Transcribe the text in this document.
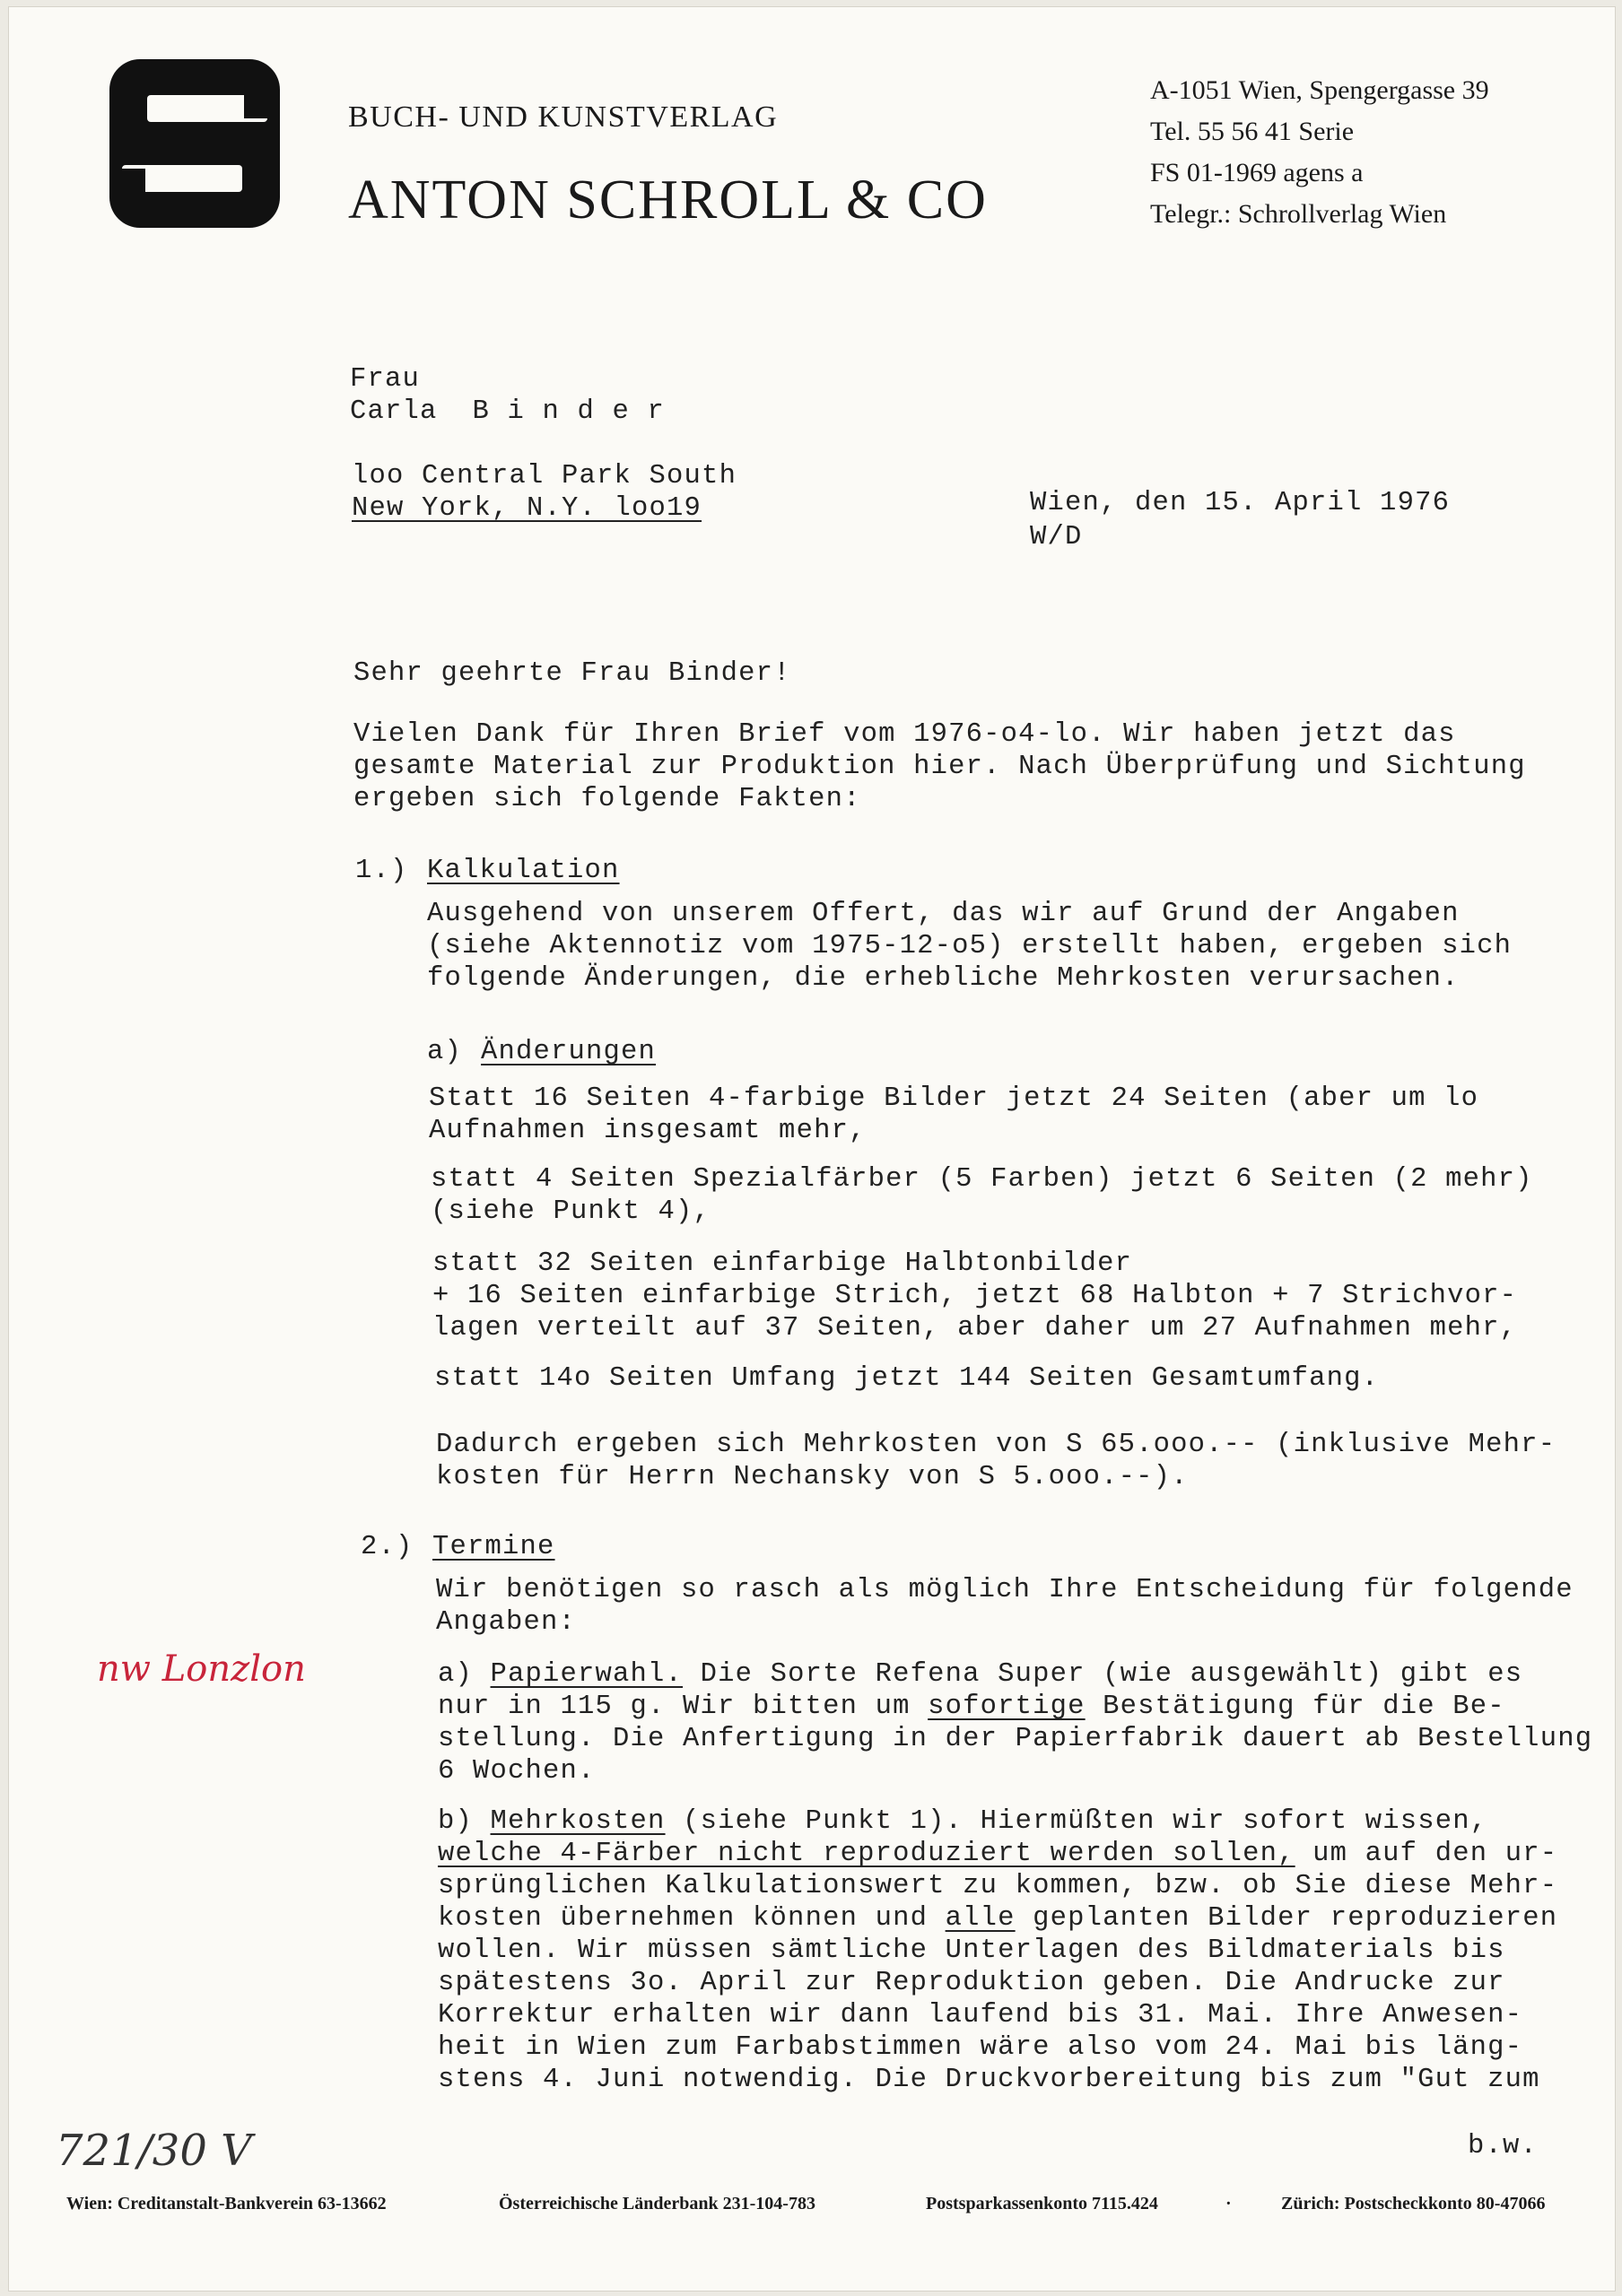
BUCH- UND KUNSTVERLAG
ANTON SCHROLL & CO
A-1051 Wien, Spengergasse 39
Tel. 55 56 41 Serie
FS 01-1969 agens a
Telegr.: Schrollverlag Wien
Frau
Carla  B i n d e r
loo Central Park South
New York, N.Y. loo19	Wien, den 15. April 1976
W/D
Sehr geehrte Frau Binder!
Vielen Dank für Ihren Brief vom 1976-o4-lo. Wir haben jetzt das
gesamte Material zur Produktion hier. Nach Überprüfung und Sichtung
ergeben sich folgende Fakten:
1.) Kalkulation
Ausgehend von unserem Offert, das wir auf Grund der Angaben
(siehe Aktennotiz vom 1975-12-o5) erstellt haben, ergeben sich
folgende Änderungen, die erhebliche Mehrkosten verursachen.
a) Änderungen
Statt 16 Seiten 4-farbige Bilder jetzt 24 Seiten (aber um lo
Aufnahmen insgesamt mehr,
statt 4 Seiten Spezialfärber (5 Farben) jetzt 6 Seiten (2 mehr)
(siehe Punkt 4),
statt 32 Seiten einfarbige Halbtonbilder
+ 16 Seiten einfarbige Strich, jetzt 68 Halbton + 7 Strichvor-
lagen verteilt auf 37 Seiten, aber daher um 27 Aufnahmen mehr,
statt 14o Seiten Umfang jetzt 144 Seiten Gesamtumfang.
Dadurch ergeben sich Mehrkosten von S 65.ooo.-- (inklusive Mehr-
kosten für Herrn Nechansky von S 5.ooo.--).
2.) Termine
Wir benötigen so rasch als möglich Ihre Entscheidung für folgende
Angaben:
a) Papierwahl. Die Sorte Refena Super (wie ausgewählt) gibt es
nur in 115 g. Wir bitten um sofortige Bestätigung für die Be-
stellung. Die Anfertigung in der Papierfabrik dauert ab Bestellung
6 Wochen.
b) Mehrkosten (siehe Punkt 1). Hiermüßten wir sofort wissen,
welche 4-Färber nicht reproduziert werden sollen, um auf den ur-
sprünglichen Kalkulationswert zu kommen, bzw. ob Sie diese Mehr-
kosten übernehmen können und alle geplanten Bilder reproduzieren
wollen. Wir müssen sämtliche Unterlagen des Bildmaterials bis
spätestens 3o. April zur Reproduktion geben. Die Andrucke zur
Korrektur erhalten wir dann laufend bis 31. Mai. Ihre Anwesen-
heit in Wien zum Farbabstimmen wäre also vom 24. Mai bis läng-
stens 4. Juni notwendig. Die Druckvorbereitung bis zum "Gut zum
b.w.
nw Lonzlon
721/30 V
Wien: Creditanstalt-Bankverein 63-13662	Österreichische Länderbank 231-104-783	Postsparkassenkonto 7115.424	·	Zürich: Postscheckkonto 80-47066
